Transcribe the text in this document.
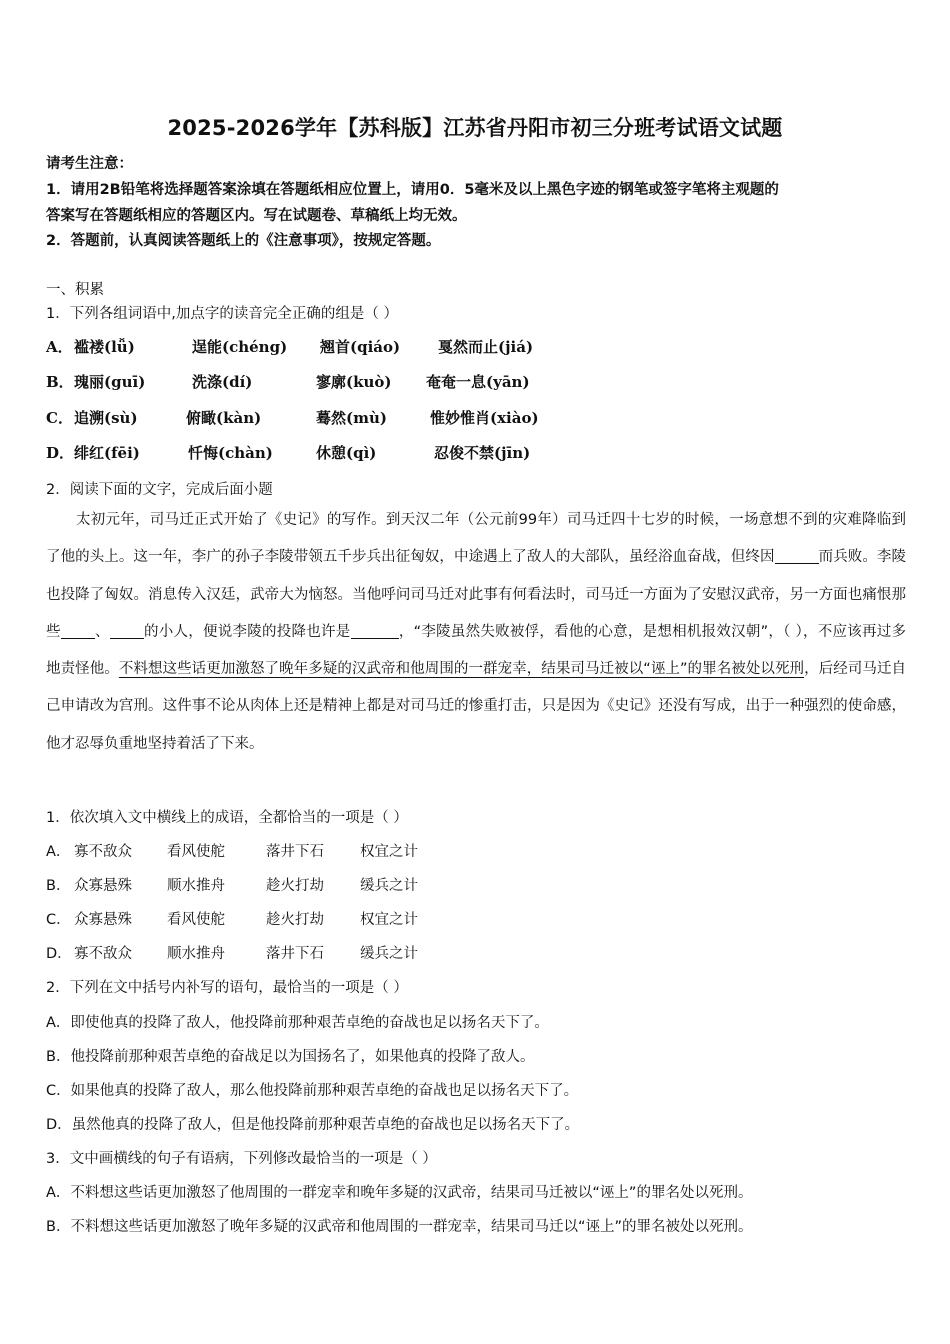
2025-2026学年【苏科版】江苏省丹阳市初三分班考试语文试题
请考生注意：
1．请用2B铅笔将选择题答案涂填在答题纸相应位置上，请用0．5毫米及以上黑色字迹的钢笔或签字笔将主观题的
答案写在答题纸相应的答题区内。写在试题卷、草稿纸上均无效。
2．答题前，认真阅读答题纸上的《注意事项》，按规定答题。
一、积累
1．下列各组词语中,加点字的读音完全正确的组是（ ）
A． 褴褛(lǚ)	逞能(chéng) 翘首(qiáo)	戛然而止(jiá)
B． 瑰丽(guī)	洗涤(dí)	寥廓(kuò) 奄奄一息(yān)
C． 追溯(sù)	俯瞰(kàn)	蓦然(mù)	惟妙惟肖(xiào)
D． 绯红(fēi)	忏悔(chàn)	休憩(qì)	忍俊不禁(jīn)
2．阅读下面的文字，完成后面小题
太初元年，司马迁正式开始了《史记》的写作。到天汉二年（公元前99年）司马迁四十七岁的时候，一场意想不到的灾难降临到了他的头上。这一年，李广的孙子李陵带领五千步兵出征匈奴，中途遇上了敌人的大部队，虽经浴血奋战，但终因	而兵败。李陵也投降了匈奴。消息传入汉廷，武帝大为恼怒。当他呼问司马迁对此事有何看法时，司马迁一方面为了安慰汉武帝，另一方面也痛恨那些 、 的小人，便说李陵的投降也许是	，“李陵虽然失败被俘，看他的心意，是想相机报效汉朝”，（ ），不应该再过多地责怪他。不料想这些话更加激怒了晚年多疑的汉武帝和他周围的一群宠幸，结果司马迁被以“诬上”的罪名被处以死刑，后经司马迁自己申请改为宫刑。这件事不论从肉体上还是精神上都是对司马迁的惨重打击，只是因为《史记》还没有写成，出于一种强烈的使命感，他才忍辱负重地坚持着活了下来。
1．依次填入文中横线上的成语，全都恰当的一项是（ ）
A． 寡不敌众 看风使舵	落井下石 权宜之计
B． 众寡悬殊 顺水推舟	趁火打劫 缓兵之计
C． 众寡悬殊 看风使舵	趁火打劫 权宜之计
D． 寡不敌众 顺水推舟	落井下石 缓兵之计
2．下列在文中括号内补写的语句，最恰当的一项是（ ）
A．即使他真的投降了敌人，他投降前那种艰苦卓绝的奋战也足以扬名天下了。
B．他投降前那种艰苦卓绝的奋战足以为国扬名了，如果他真的投降了敌人。
C．如果他真的投降了敌人，那么他投降前那种艰苦卓绝的奋战也足以扬名天下了。
D．虽然他真的投降了敌人，但是他投降前那种艰苦卓绝的奋战也足以扬名天下了。
3．文中画横线的句子有语病，下列修改最恰当的一项是（ ）
A．不料想这些话更加激怒了他周围的一群宠幸和晚年多疑的汉武帝，结果司马迁被以“诬上”的罪名处以死刑。
B．不料想这些话更加激怒了晚年多疑的汉武帝和他周围的一群宠幸，结果司马迁以“诬上”的罪名被处以死刑。
